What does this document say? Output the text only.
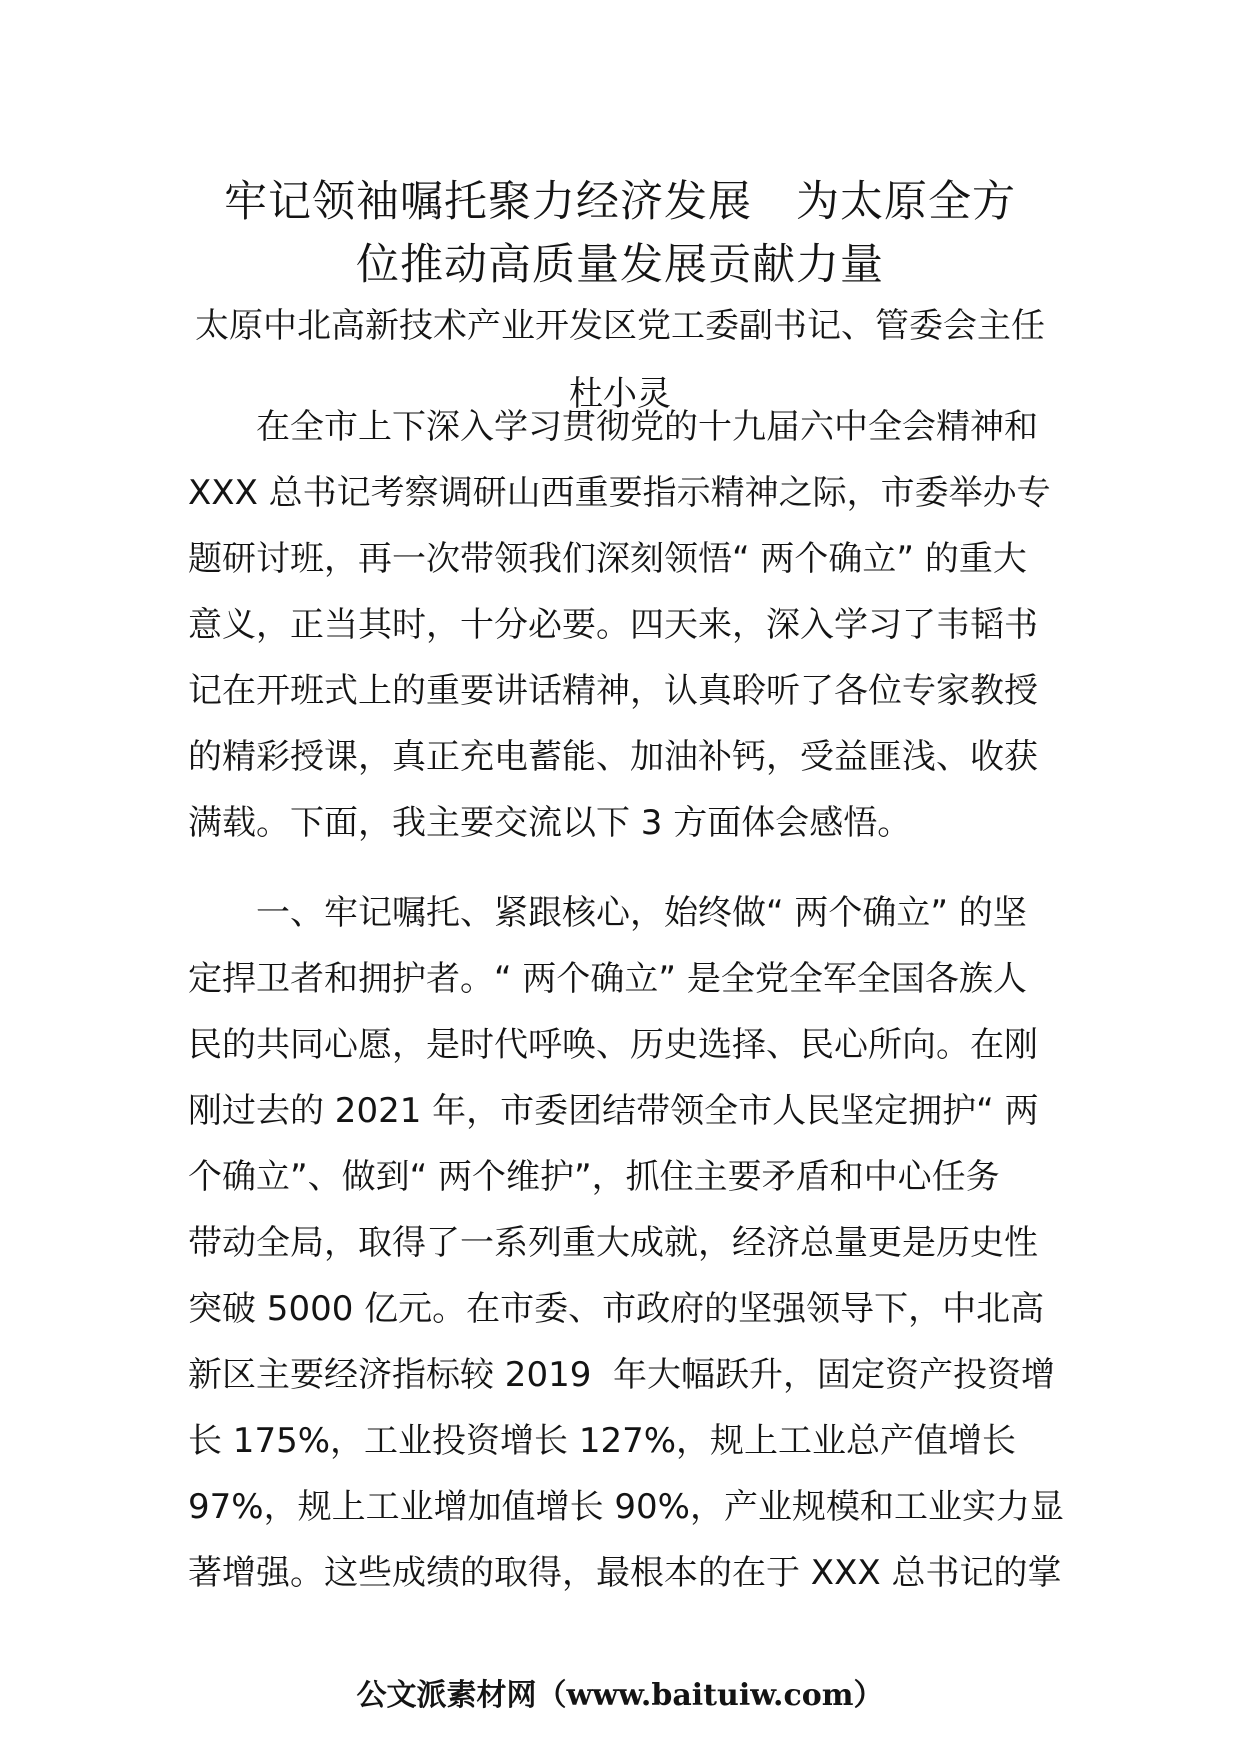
牢记领袖嘱托聚力经济发展　为太原全方
位推动高质量发展贡献力量
太原中北高新技术产业开发区党工委副书记、管委会主任
杜小灵
　　在全市上下深入学习贯彻党的十九届六中全会精神和
XXX 总书记考察调研山西重要指示精神之际，市委举办专
题研讨班，再一次带领我们深刻领悟“ 两个确立” 的重大
意义，正当其时，十分必要。四天来，深入学习了韦韬书
记在开班式上的重要讲话精神，认真聆听了各位专家教授
的精彩授课，真正充电蓄能、加油补钙，受益匪浅、收获
满载。下面，我主要交流以下 3 方面体会感悟。
　　一、牢记嘱托、紧跟核心，始终做“ 两个确立” 的坚
定捍卫者和拥护者。“ 两个确立” 是全党全军全国各族人
民的共同心愿，是时代呼唤、历史选择、民心所向。在刚
刚过去的 2021 年，市委团结带领全市人民坚定拥护“ 两
个确立”、做到“ 两个维护”，抓住主要矛盾和中心任务
带动全局，取得了一系列重大成就，经济总量更是历史性
突破 5000 亿元。在市委、市政府的坚强领导下，中北高
新区主要经济指标较 2019  年大幅跃升，固定资产投资增
长 175%，工业投资增长 127%，规上工业总产值增长
97%，规上工业增加值增长 90%，产业规模和工业实力显
著增强。这些成绩的取得，最根本的在于 XXX 总书记的掌
公文派素材网（www.baituiw.com）
